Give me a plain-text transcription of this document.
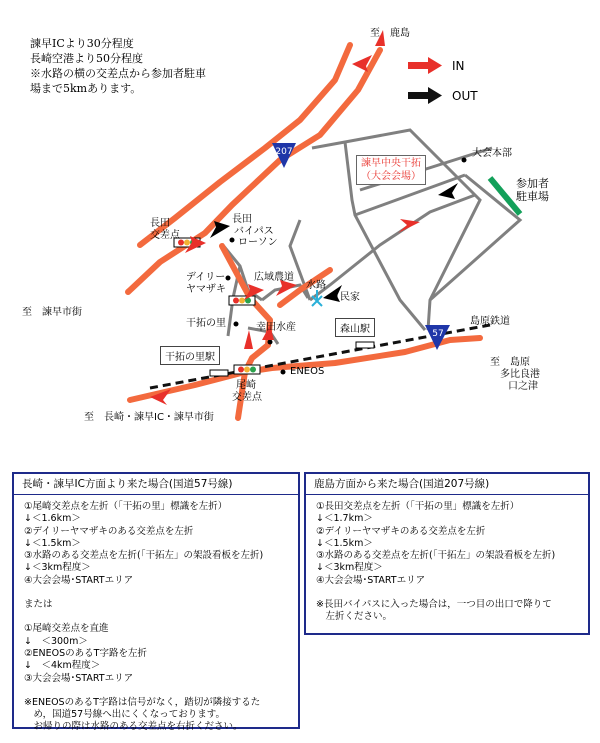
207
57
IN
OUT
諫早ICより30分程度
長崎空港より50分程度
※水路の横の交差点から参加者駐車
場まで5kmあります。
諫早中央干拓
（大会会場）
至　鹿島
至　諫早市街
至　長崎・諫早IC・諫早市街
至　島原
多比良港
口之津
長田
交差点
長田
バイパス
ローソン
デイリー
ヤマザキ
広域農道
水路
民家
干拓の里	幸田水産
島原鉄道
ENEOS
尾崎
交差点
大会本部
参加者
駐車場
森山駅
干拓の里駅
長崎・諫早IC方面より来た場合(国道57号線)
①尾崎交差点を左折（「干拓の里」標識を左折）
↓＜1.6km＞
②デイリーヤマザキのある交差点を左折
↓＜1.5km＞
③水路のある交差点を左折(「干拓左」の架設看板を左折)
↓＜3km程度＞
④大会会場･STARTエリア
または
①尾崎交差点を直進
↓　＜300m＞
②ENEOSのあるT字路を左折
↓　＜4km程度＞
③大会会場･STARTエリア
※ENEOSのあるT字路は信号がなく，踏切が隣接するた
　め，国道57号線へ出にくくなっております。
　お帰りの際は水路のある交差点を右折ください。
鹿島方面から来た場合(国道207号線)
①長田交差点を左折（「干拓の里」標識を左折）
↓＜1.7km＞
②デイリーヤマザキのある交差点を左折
↓＜1.5km＞
③水路のある交差点を左折(「干拓左」の架設看板を左折)
↓＜3km程度＞
④大会会場･STARTエリア
※長田バイパスに入った場合は，一つ目の出口で降りて
　左折ください。
